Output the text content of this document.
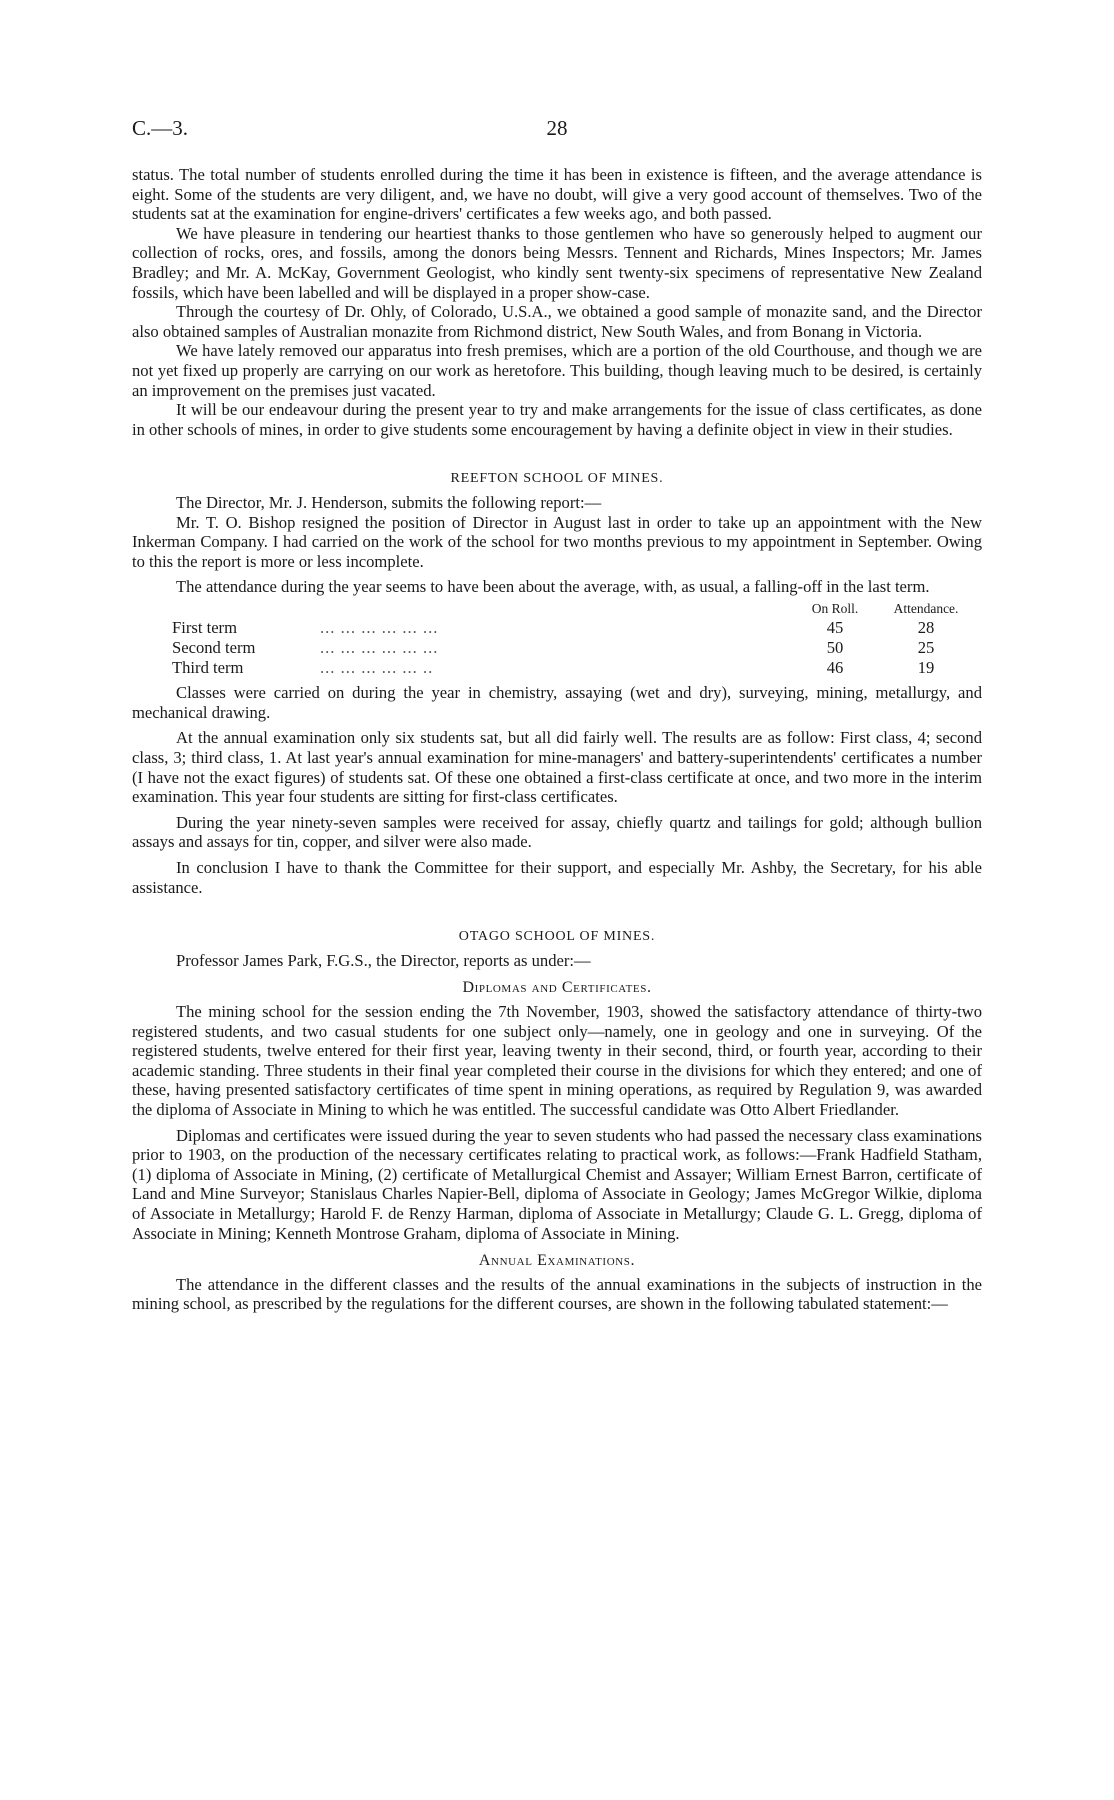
C.—3.	28

status. The total number of students enrolled during the time it has been in existence is fifteen, and the average attendance is eight. Some of the students are very diligent, and, we have no doubt, will give a very good account of themselves. Two of the students sat at the examination for engine-drivers' certificates a few weeks ago, and both passed.

We have pleasure in tendering our heartiest thanks to those gentlemen who have so generously helped to augment our collection of rocks, ores, and fossils, among the donors being Messrs. Tennent and Richards, Mines Inspectors; Mr. James Bradley; and Mr. A. McKay, Government Geologist, who kindly sent twenty-six specimens of representative New Zealand fossils, which have been labelled and will be displayed in a proper show-case.

Through the courtesy of Dr. Ohly, of Colorado, U.S.A., we obtained a good sample of monazite sand, and the Director also obtained samples of Australian monazite from Richmond district, New South Wales, and from Bonang in Victoria.

We have lately removed our apparatus into fresh premises, which are a portion of the old Courthouse, and though we are not yet fixed up properly are carrying on our work as heretofore. This building, though leaving much to be desired, is certainly an improvement on the premises just vacated.

It will be our endeavour during the present year to try and make arrangements for the issue of class certificates, as done in other schools of mines, in order to give students some encouragement by having a definite object in view in their studies.

REEFTON SCHOOL OF MINES.

The Director, Mr. J. Henderson, submits the following report:—

Mr. T. O. Bishop resigned the position of Director in August last in order to take up an appointment with the New Inkerman Company. I had carried on the work of the school for two months previous to my appointment in September. Owing to this the report is more or less incomplete.

The attendance during the year seems to have been about the average, with, as usual, a falling-off in the last term.

		On Roll.	Attendance.
First term	... ... ... ... ... ...	45	28
Second term	... ... ... ... ... ...	50	25
Third term	... ... ... ... ... ..	46	19

Classes were carried on during the year in chemistry, assaying (wet and dry), surveying, mining, metallurgy, and mechanical drawing.

At the annual examination only six students sat, but all did fairly well. The results are as follow: First class, 4; second class, 3; third class, 1. At last year's annual examination for mine-managers' and battery-superintendents' certificates a number (I have not the exact figures) of students sat. Of these one obtained a first-class certificate at once, and two more in the interim examination. This year four students are sitting for first-class certificates.

During the year ninety-seven samples were received for assay, chiefly quartz and tailings for gold; although bullion assays and assays for tin, copper, and silver were also made.

In conclusion I have to thank the Committee for their support, and especially Mr. Ashby, the Secretary, for his able assistance.

OTAGO SCHOOL OF MINES.

Professor James Park, F.G.S., the Director, reports as under:—

Diplomas and Certificates.

The mining school for the session ending the 7th November, 1903, showed the satisfactory attendance of thirty-two registered students, and two casual students for one subject only—namely, one in geology and one in surveying. Of the registered students, twelve entered for their first year, leaving twenty in their second, third, or fourth year, according to their academic standing. Three students in their final year completed their course in the divisions for which they entered; and one of these, having presented satisfactory certificates of time spent in mining operations, as required by Regulation 9, was awarded the diploma of Associate in Mining to which he was entitled. The successful candidate was Otto Albert Friedlander.

Diplomas and certificates were issued during the year to seven students who had passed the necessary class examinations prior to 1903, on the production of the necessary certificates relating to practical work, as follows:—Frank Hadfield Statham, (1) diploma of Associate in Mining, (2) certificate of Metallurgical Chemist and Assayer; William Ernest Barron, certificate of Land and Mine Surveyor; Stanislaus Charles Napier-Bell, diploma of Associate in Geology; James McGregor Wilkie, diploma of Associate in Metallurgy; Harold F. de Renzy Harman, diploma of Associate in Metallurgy; Claude G. L. Gregg, diploma of Associate in Mining; Kenneth Montrose Graham, diploma of Associate in Mining.

Annual Examinations.

The attendance in the different classes and the results of the annual examinations in the subjects of instruction in the mining school, as prescribed by the regulations for the different courses, are shown in the following tabulated statement:—
